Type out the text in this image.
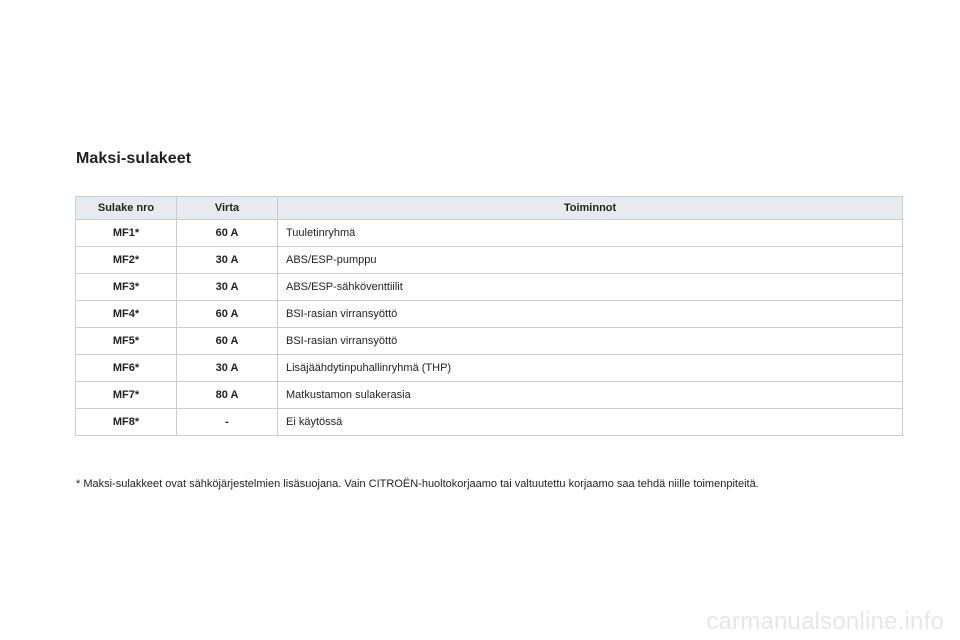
Maksi-sulakeet
Sulake nro	Virta	Toiminnot
MF1*	60 A	Tuuletinryhmä
MF2*	30 A	ABS/ESP-pumppu
MF3*	30 A	ABS/ESP-sähköventtiilit
MF4*	60 A	BSI-rasian virransyöttö
MF5*	60 A	BSI-rasian virransyöttö
MF6*	30 A	Lisäjäähdytinpuhallinryhmä (THP)
MF7*	80 A	Matkustamon sulakerasia
MF8*	-	Ei käytössä

* Maksi-sulakkeet ovat sähköjärjestelmien lisäsuojana. Vain CITROËN-huoltokorjaamo tai valtuutettu korjaamo saa tehdä niille toimenpiteitä.

carmanualsonline.info
